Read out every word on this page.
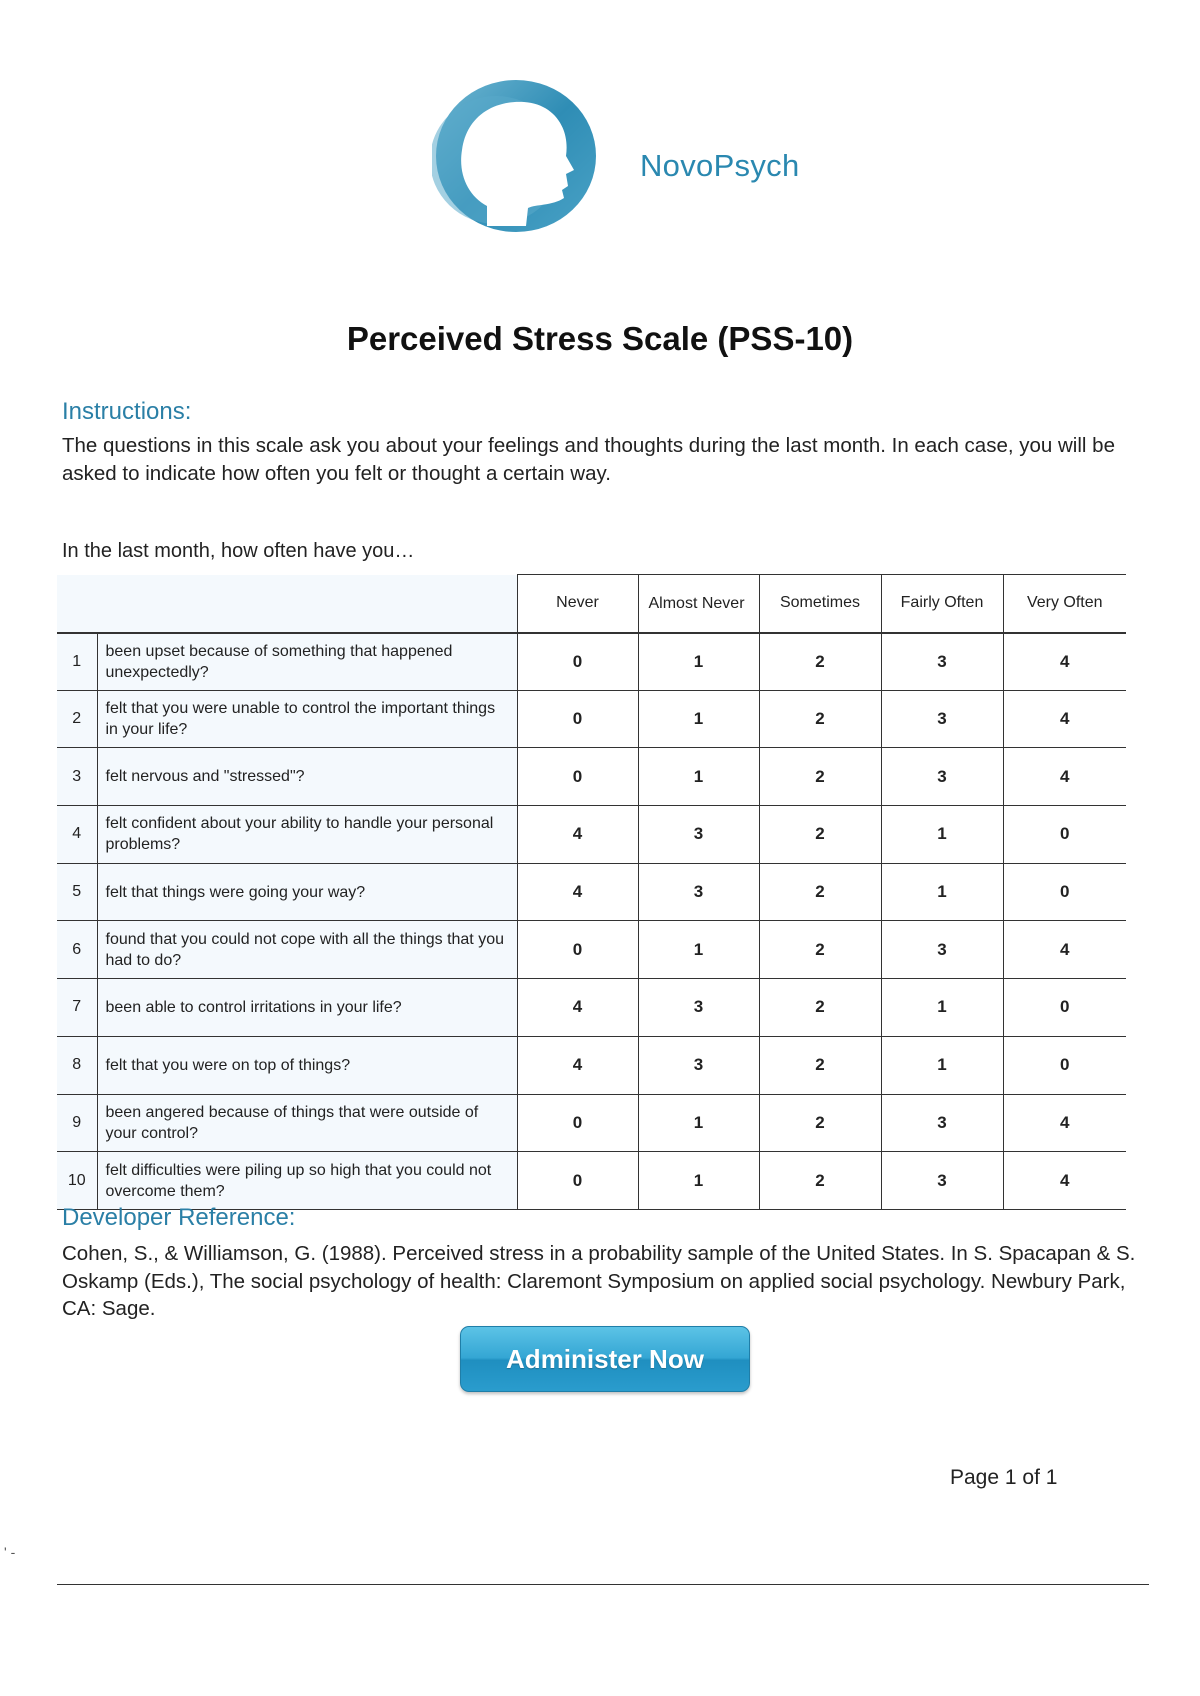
NovoPsych
Perceived Stress Scale (PSS-10)
Instructions:
The questions in this scale ask you about your feelings and thoughts during the last month. In each case, you will be asked to indicate how often you felt or thought a certain way.
In the last month, how often have you…
		Never	Almost Never	Sometimes	Fairly Often	Very Often
1	been upset because of something that happened unexpectedly?	0	1	2	3	4
2	felt that you were unable to control the important things in your life?	0	1	2	3	4
3	felt nervous and "stressed"?	0	1	2	3	4
4	felt confident about your ability to handle your personal problems?	4	3	2	1	0
5	felt that things were going your way?	4	3	2	1	0
6	found that you could not cope with all the things that you had to do?	0	1	2	3	4
7	been able to control irritations in your life?	4	3	2	1	0
8	felt that you were on top of things?	4	3	2	1	0
9	been angered because of things that were outside of your control?	0	1	2	3	4
10	felt difficulties were piling up so high that you could not overcome them?	0	1	2	3	4
Developer Reference:
Cohen, S., & Williamson, G. (1988). Perceived stress in a probability sample of the United States. In S. Spacapan & S. Oskamp (Eds.), The social psychology of health: Claremont Symposium on applied social psychology. Newbury Park, CA: Sage.
Administer Now
Page 1 of 1
' -
